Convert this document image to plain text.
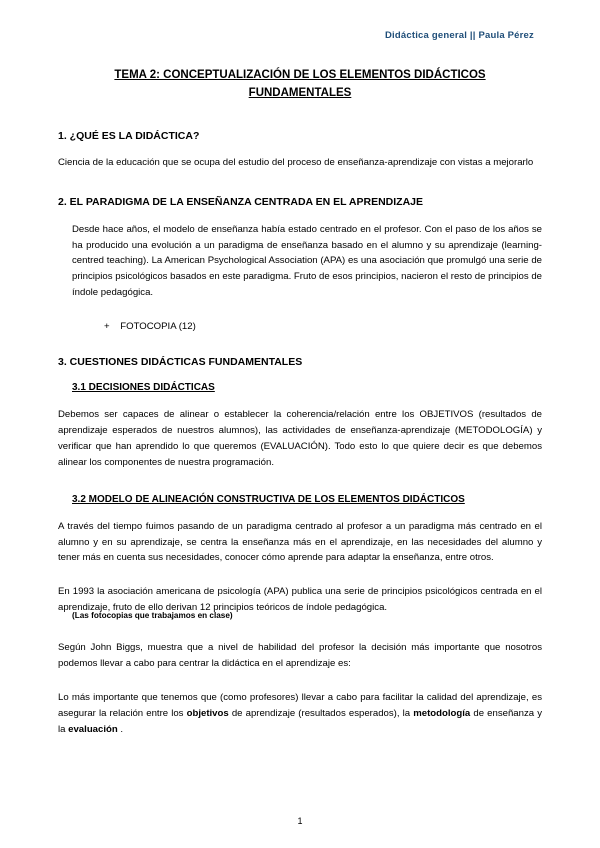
Didáctica general || Paula Pérez
TEMA 2: CONCEPTUALIZACIÓN DE LOS ELEMENTOS DIDÁCTICOS
FUNDAMENTALES
1. ¿QUÉ ES LA DIDÁCTICA?

Ciencia de la educación que se ocupa del estudio del proceso de enseñanza-aprendizaje con vistas a mejorarlo

2. EL PARADIGMA DE LA ENSEÑANZA CENTRADA EN EL APRENDIZAJE

Desde hace años, el modelo de enseñanza había estado centrado en el profesor. Con el paso de los años se ha producido una evolución a un paradigma de enseñanza basado en el alumno y su aprendizaje (learning-centred teaching). La American Psychological Association (APA) es una asociación que promulgó una serie de principios psicológicos basados en este paradigma. Fruto de esos principios, nacieron el resto de principios de índole pedagógica.

+    FOTOCOPIA (12)
3. CUESTIONES DIDÁCTICAS FUNDAMENTALES
3.1 DECISIONES DIDÁCTICAS

Debemos ser capaces de alinear o establecer la coherencia/relación entre los OBJETIVOS (resultados de aprendizaje esperados de nuestros alumnos), las actividades de enseñanza-aprendizaje (METODOLOGÍA) y verificar que han aprendido lo que queremos (EVALUACIÓN). Todo esto lo que quiere decir es que debemos alinear los componentes de nuestra programación.

3.2 MODELO DE ALINEACIÓN CONSTRUCTIVA DE LOS ELEMENTOS DIDÁCTICOS

A través del tiempo fuimos pasando de un paradigma centrado al profesor a un paradigma más centrado en el alumno y en su aprendizaje, se centra la enseñanza más en el aprendizaje, en las necesidades del alumno y tener más en cuenta sus necesidades, conocer cómo aprende para adaptar la enseñanza, entre otros.

En 1993 la asociación americana de psicología (APA) publica una serie de principios psicológicos centrada en el aprendizaje, fruto de ello derivan 12 principios teóricos de índole pedagógica.

(Las fotocopias que trabajamos en clase)

Según John Biggs, muestra que a nivel de habilidad del profesor la decisión más importante que nosotros podemos llevar a cabo para centrar la didáctica en el aprendizaje es:

Lo más importante que tenemos que (como profesores) llevar a cabo para facilitar la calidad del aprendizaje, es asegurar la relación entre los objetivos de aprendizaje (resultados esperados), la metodología de enseñanza y la evaluación .

1
